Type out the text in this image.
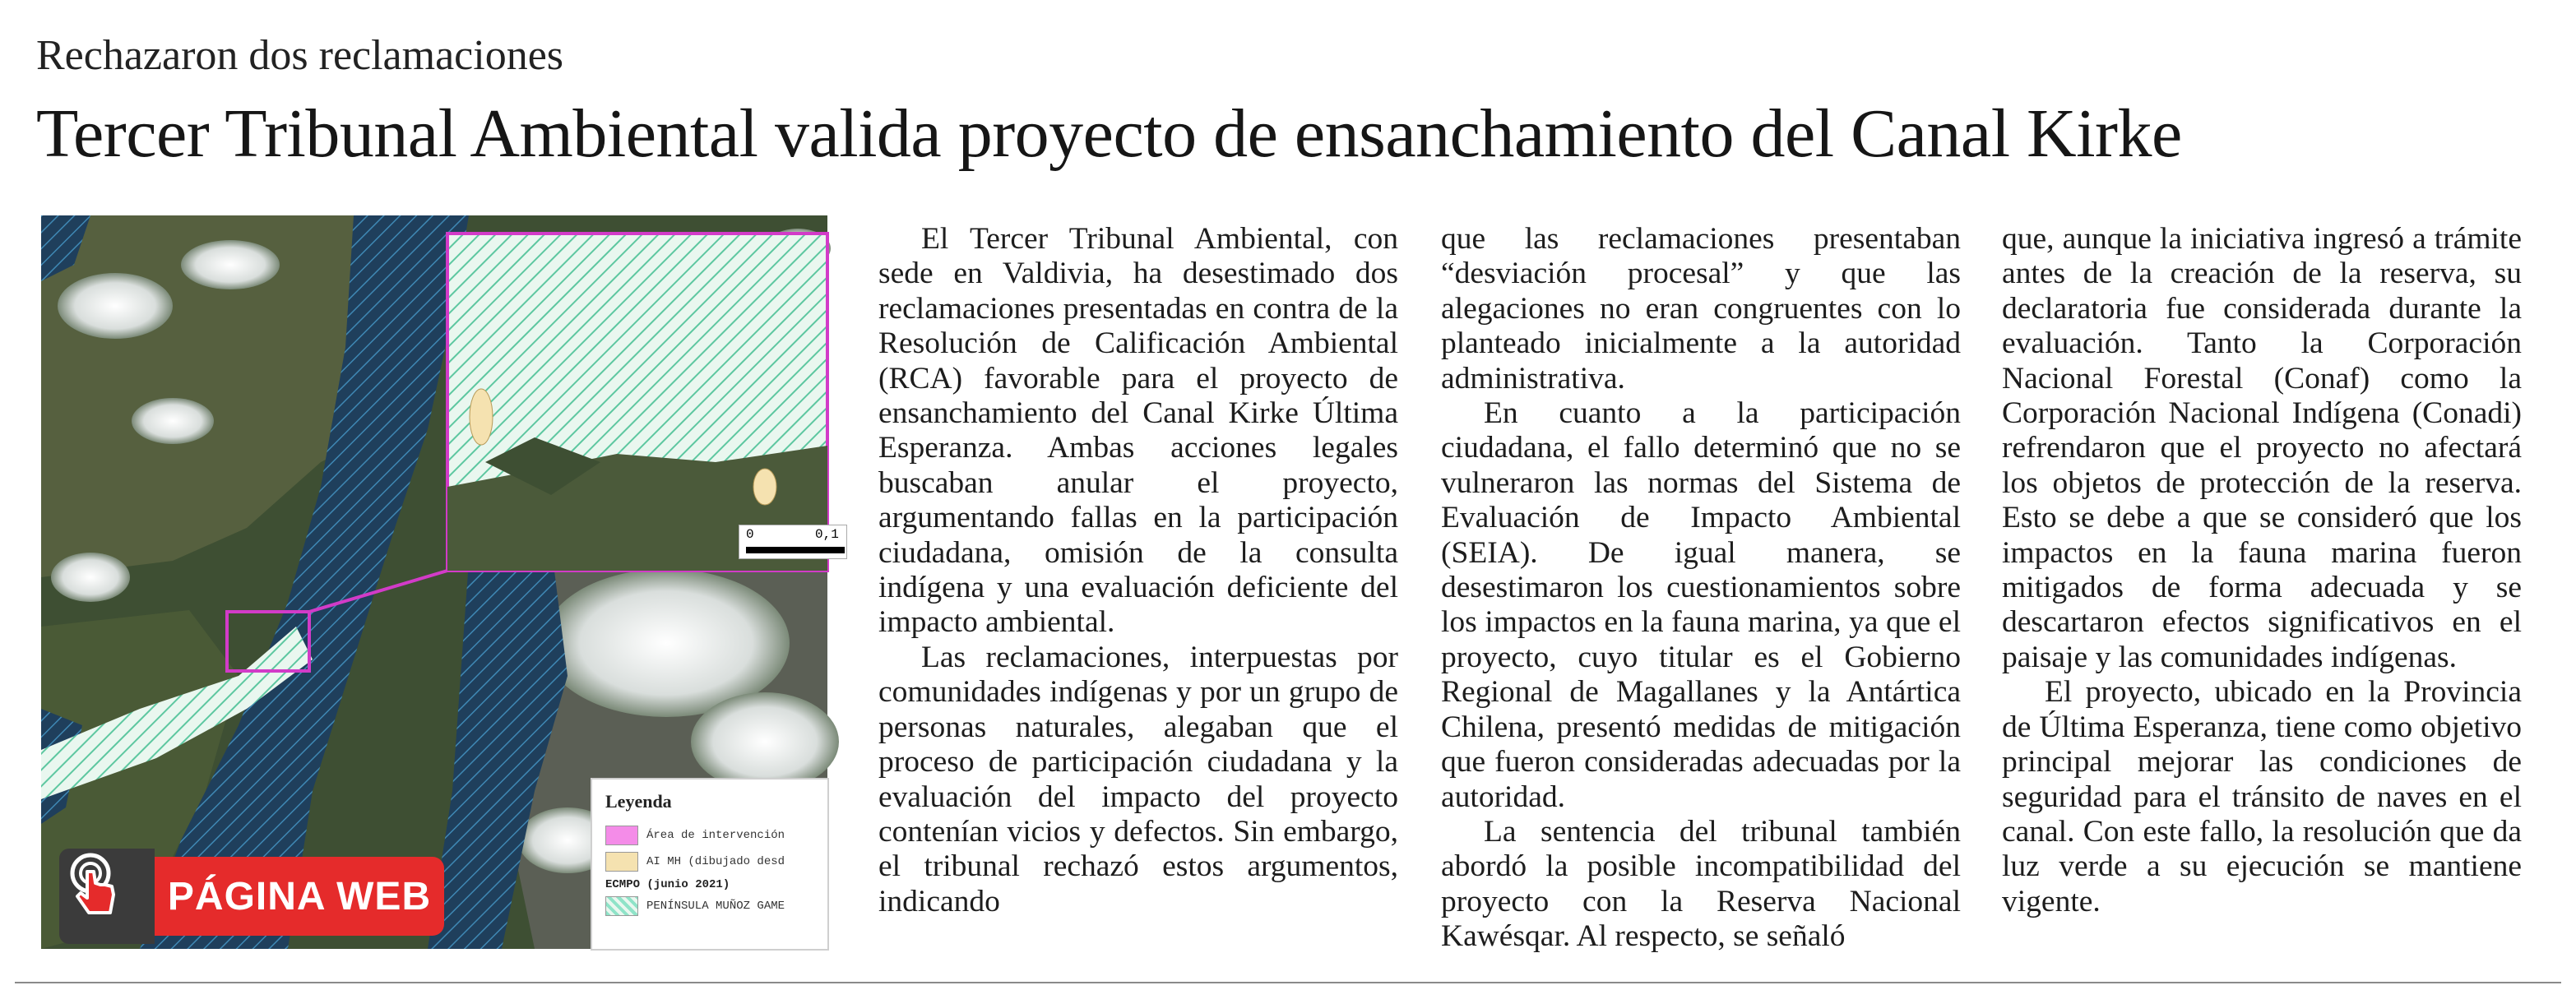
Rechazaron dos reclamaciones
Tercer Tribunal Ambiental valida proyecto de ensanchamiento del Canal Kirke
0	0,1
Leyenda
Área de intervención
AI MH (dibujado desd
ECMPO (junio 2021)
PENÍNSULA MUÑOZ GAME
PÁGINA WEB

El Tercer Tribunal Ambiental, con sede en Valdivia, ha desestimado dos reclamaciones presentadas en contra de la Resolución de Calificación Ambiental (RCA) favorable para el proyecto de ensanchamiento del Canal Kirke Última Esperanza. Ambas acciones legales buscaban anular el proyecto, argumentando fallas en la participación ciudadana, omisión de la consulta indígena y una evaluación deficiente del impacto ambiental.

Las reclamaciones, interpuestas por comunidades indígenas y por un grupo de personas naturales, alegaban que el proceso de participación ciudadana y la evaluación del impacto del proyecto contenían vicios y defectos. Sin embargo, el tribunal rechazó estos argumentos, indicando

que las reclamaciones presentaban “desviación procesal” y que las alegaciones no eran congruentes con lo planteado inicialmente a la autoridad administrativa.

En cuanto a la participación ciudadana, el fallo determinó que no se vulneraron las normas del Sistema de Evaluación de Impacto Ambiental (SEIA). De igual manera, se desestimaron los cuestionamientos sobre los impactos en la fauna marina, ya que el proyecto, cuyo titular es el Gobierno Regional de Magallanes y la Antártica Chilena, presentó medidas de mitigación que fueron consideradas adecuadas por la autoridad.

La sentencia del tribunal también abordó la posible incompatibilidad del proyecto con la Reserva Nacional Kawésqar. Al respecto, se señaló

que, aunque la iniciativa ingresó a trámite antes de la creación de la reserva, su declaratoria fue considerada durante la evaluación. Tanto la Corporación Nacional Forestal (Conaf) como la Corporación Nacional Indígena (Conadi) refrendaron que el proyecto no afectará los objetos de protección de la reserva. Esto se debe a que se consideró que los impactos en la fauna marina fueron mitigados de forma adecuada y se descartaron efectos significativos en el paisaje y las comunidades indígenas.

El proyecto, ubicado en la Provincia de Última Esperanza, tiene como objetivo principal mejorar las condiciones de seguridad para el tránsito de naves en el canal. Con este fallo, la resolución que da luz verde a su ejecución se mantiene vigente.
